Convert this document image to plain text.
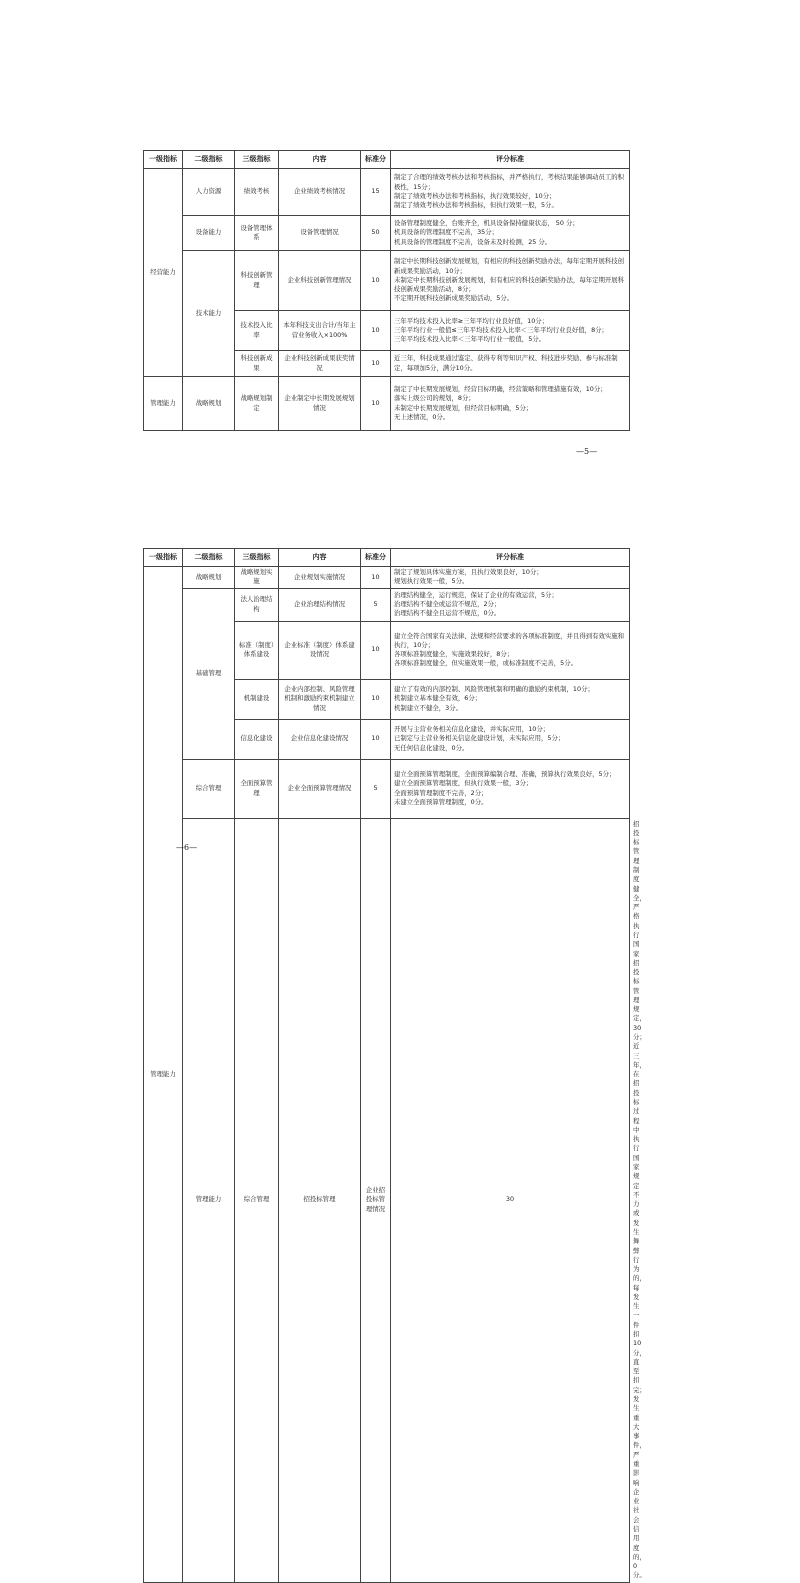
一级指标	二级指标	三级指标	内容	标准分	评分标准
经营能力	人力资源	绩效考核	企业绩效考核情况	15	制定了合理的绩效考核办法和考核指标，并严格执行，考核结果能够调动员工的积极性，15分；
制定了绩效考核办法和考核指标，执行效果较好，10分；
制定了绩效考核办法和考核指标，但执行效果一般，5分。
	设备能力	设备管理体系	设备管理情况	50	设备管理制度健全，台账齐全，机具设备保持健康状态， 50 分；
机具设备的管理制度不完善，35分；
机具设备的管理制度不完善，设备未及时检测，25 分。
	技术能力	科技创新管理	企业科技创新管理情况	10	制定中长期科技创新发展规划，有相应的科技创新奖励办法，每年定期开展科技创新成果奖励活动，10分；
未制定中长期科技创新发展规划，但有相应的科技创新奖励办法，每年定期开展科技创新成果奖励活动，8分；
不定期开展科技创新成果奖励活动，5分。
		技术投入比率	本年科技支出合计/当年主营业务收入×100%	10	三年平均技术投入比率≥三年平均行业良好值，10分；
三年平均行业一般值≤三年平均技术投入比率＜三年平均行业良好值，8分；
三年平均技术投入比率＜三年平均行业一般值，5分。
		科技创新成果	企业科技创新成果获奖情况	10	近三年，科技成果通过鉴定、获得专利等知识产权、科技进步奖励、参与标准制定，每项加5分，满分10分。
管理能力	战略规划	战略规划制定	企业制定中长期发展规划情况	10	制定了中长期发展规划，经营目标明确，经营策略和管理措施有效，10分；
落实上级公司的规划，8分；
未制定中长期发展规划，但经营目标明确，5分；
无上述情况，0分。
—5—
一级指标	二级指标	三级指标	内容	标准分	评分标准	
管理能力	战略规划	战略规划实施	企业规划实施情况	10	制定了规划具体实施方案，且执行效果良好，10分；
规划执行效果一般，5分。	
	基础管理	法人治理结构	企业治理结构情况	5	治理结构健全，运行规范，保证了企业的有效运营，5分；
治理结构不健全或运营不规范，2分；
治理结构不健全且运营不规范，0分。	
		标准（制度）体系建设	企业标准（制度）体系建设情况	10	建立全符合国家有关法律、法规和经营要求的各项标准制度，并且得到有效实施和执行，10分；
各项标准制度健全，实施效果较好，8分；
各项标准制度健全，但实施效果一般，或标准制度不完善，5分。	
		机制建设	企业内部控制、风险管理机制和激励约束机制建立情况	10	建立了有效的内部控制、风险管理机制和明确的激励约束机制，10分；
机制建立基本健全有效，6分；
机制建立不健全，3分。	
		信息化建设	企业信息化建设情况	10	开展与主营业务相关信息化建设，并实际应用，10分；
已制定与主营业务相关信息化建设计划，未实际应用，5分；
无任何信息化建设，0分。	
	综合管理	全面预算管理	企业全面预算管理情况	5	建立全面预算管理制度，全面预算编制合理、准确，预算执行效果良好，5分；
建立全面预算管理制度，但执行效果一般，3分；
全面预算管理制度不完善，2分；
未建立全面预算管理制度，0分。	
	管理能力	综合管理	招投标管理	企业招投标管理情况	30	招投标管理制度健全，严格执行国家招投标管理规定，30分；
近三年，在招投标过程中执行国家规定不力或发生舞弊行为的，每发生一件扣10分，直至扣完；
发生重大事件，严重影响企业社会信用度的，0分。
—6—
